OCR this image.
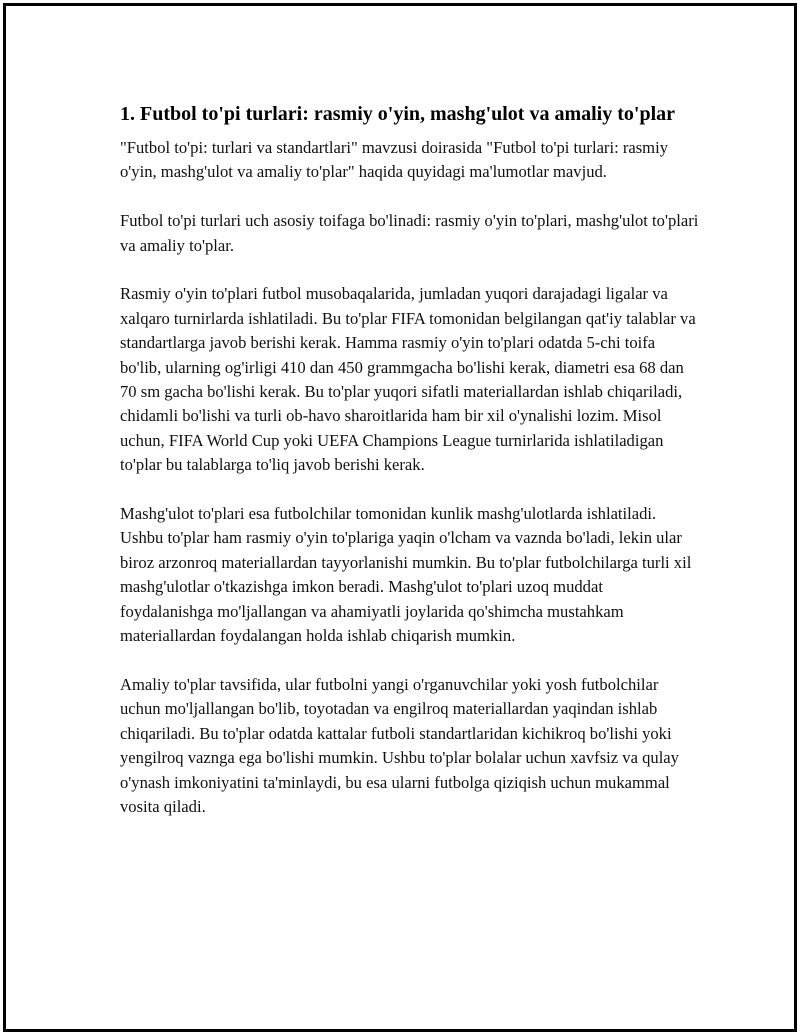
1. Futbol to'pi turlari: rasmiy o'yin, mashg'ulot va amaliy to'plar

"Futbol to'pi: turlari va standartlari" mavzusi doirasida "Futbol to'pi turlari: rasmiy o'yin, mashg'ulot va amaliy to'plar" haqida quyidagi ma'lumotlar mavjud.

Futbol to'pi turlari uch asosiy toifaga bo'linadi: rasmiy o'yin to'plari, mashg'ulot to'plari va amaliy to'plar.

Rasmiy o'yin to'plari futbol musobaqalarida, jumladan yuqori darajadagi ligalar va xalqaro turnirlarda ishlatiladi. Bu to'plar FIFA tomonidan belgilangan qat'iy talablar va standartlarga javob berishi kerak. Hamma rasmiy o'yin to'plari odatda 5-chi toifa bo'lib, ularning og'irligi 410 dan 450 grammgacha bo'lishi kerak, diametri esa 68 dan 70 sm gacha bo'lishi kerak. Bu to'plar yuqori sifatli materiallardan ishlab chiqariladi, chidamli bo'lishi va turli ob-havo sharoitlarida ham bir xil o'ynalishi lozim. Misol uchun, FIFA World Cup yoki UEFA Champions League turnirlarida ishlatiladigan to'plar bu talablarga to'liq javob berishi kerak.

Mashg'ulot to'plari esa futbolchilar tomonidan kunlik mashg'ulotlarda ishlatiladi. Ushbu to'plar ham rasmiy o'yin to'plariga yaqin o'lcham va vaznda bo'ladi, lekin ular biroz arzonroq materiallardan tayyorlanishi mumkin. Bu to'plar futbolchilarga turli xil mashg'ulotlar o'tkazishga imkon beradi. Mashg'ulot to'plari uzoq muddat foydalanishga mo'ljallangan va ahamiyatli joylarida qo'shimcha mustahkam materiallardan foydalangan holda ishlab chiqarish mumkin.

Amaliy to'plar tavsifida, ular futbolni yangi o'rganuvchilar yoki yosh futbolchilar uchun mo'ljallangan bo'lib, toyotadan va engilroq materiallardan yaqindan ishlab chiqariladi. Bu to'plar odatda kattalar futboli standartlaridan kichikroq bo'lishi yoki yengilroq vaznga ega bo'lishi mumkin. Ushbu to'plar bolalar uchun xavfsiz va qulay o'ynash imkoniyatini ta'minlaydi, bu esa ularni futbolga qiziqish uchun mukammal vosita qiladi.
